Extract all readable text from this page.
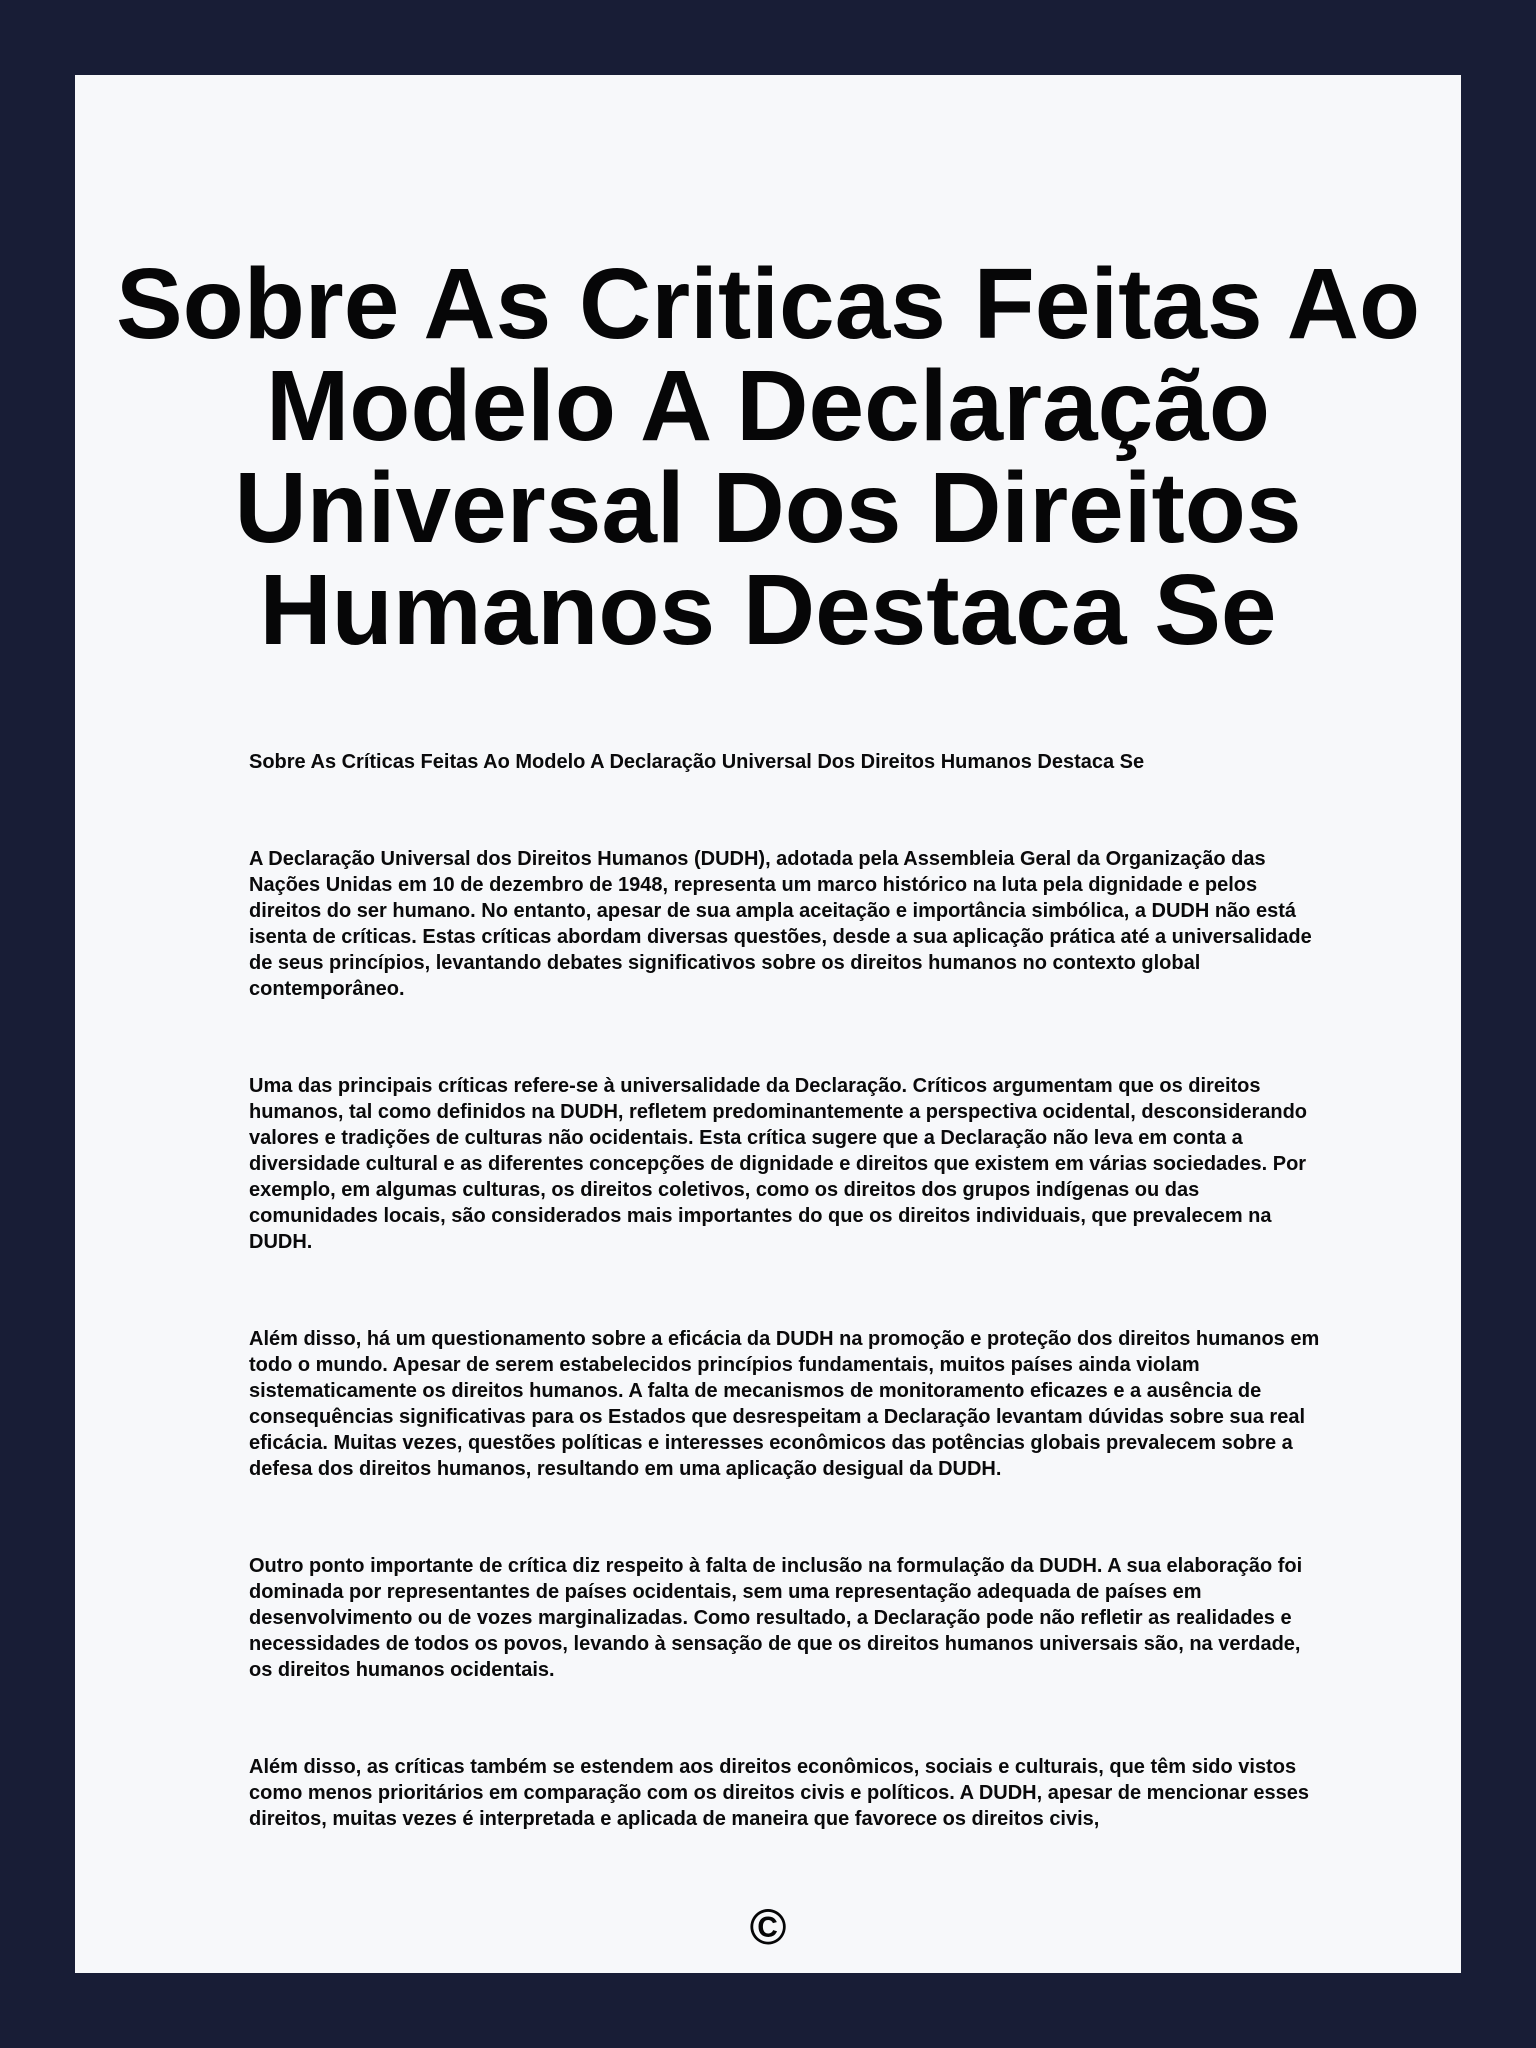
Sobre As Criticas Feitas Ao
Modelo A Declaração
Universal Dos Direitos
Humanos Destaca Se

Sobre As Críticas Feitas Ao Modelo A Declaração Universal Dos Direitos Humanos Destaca Se

A Declaração Universal dos Direitos Humanos (DUDH), adotada pela Assembleia Geral da Organização das Nações Unidas em 10 de dezembro de 1948, representa um marco histórico na luta pela dignidade e pelos direitos do ser humano. No entanto, apesar de sua ampla aceitação e importância simbólica, a DUDH não está isenta de críticas. Estas críticas abordam diversas questões, desde a sua aplicação prática até a universalidade de seus princípios, levantando debates significativos sobre os direitos humanos no contexto global contemporâneo.

Uma das principais críticas refere-se à universalidade da Declaração. Críticos argumentam que os direitos humanos, tal como definidos na DUDH, refletem predominantemente a perspectiva ocidental, desconsiderando valores e tradições de culturas não ocidentais. Esta crítica sugere que a Declaração não leva em conta a diversidade cultural e as diferentes concepções de dignidade e direitos que existem em várias sociedades. Por exemplo, em algumas culturas, os direitos coletivos, como os direitos dos grupos indígenas ou das comunidades locais, são considerados mais importantes do que os direitos individuais, que prevalecem na DUDH.

Além disso, há um questionamento sobre a eficácia da DUDH na promoção e proteção dos direitos humanos em todo o mundo. Apesar de serem estabelecidos princípios fundamentais, muitos países ainda violam sistematicamente os direitos humanos. A falta de mecanismos de monitoramento eficazes e a ausência de consequências significativas para os Estados que desrespeitam a Declaração levantam dúvidas sobre sua real eficácia. Muitas vezes, questões políticas e interesses econômicos das potências globais prevalecem sobre a defesa dos direitos humanos, resultando em uma aplicação desigual da DUDH.

Outro ponto importante de crítica diz respeito à falta de inclusão na formulação da DUDH. A sua elaboração foi dominada por representantes de países ocidentais, sem uma representação adequada de países em desenvolvimento ou de vozes marginalizadas. Como resultado, a Declaração pode não refletir as realidades e necessidades de todos os povos, levando à sensação de que os direitos humanos universais são, na verdade, os direitos humanos ocidentais.

Além disso, as críticas também se estendem aos direitos econômicos, sociais e culturais, que têm sido vistos como menos prioritários em comparação com os direitos civis e políticos. A DUDH, apesar de mencionar esses direitos, muitas vezes é interpretada e aplicada de maneira que favorece os direitos civis,

©
